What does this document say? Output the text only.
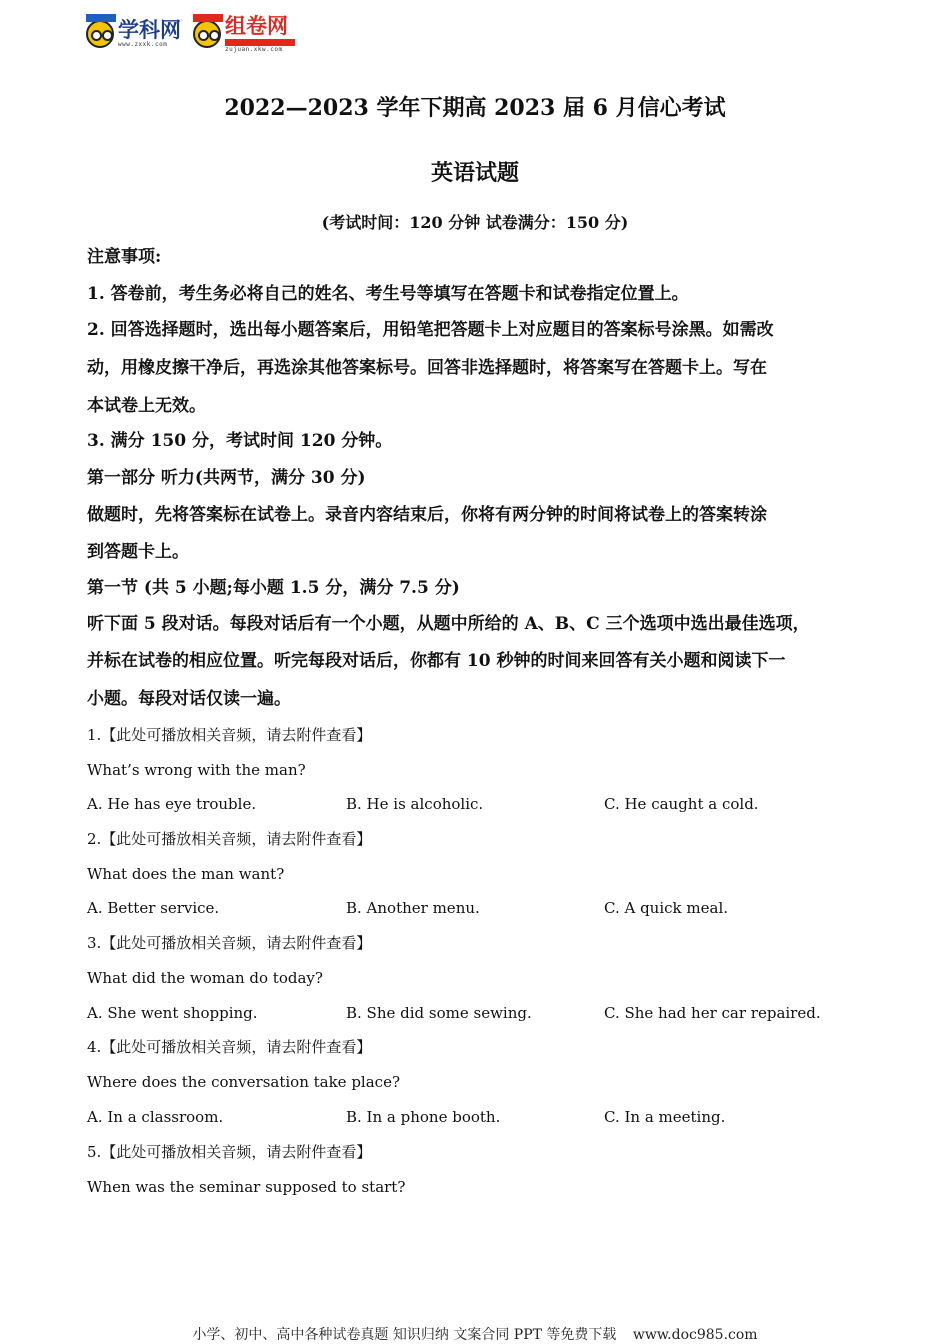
学科网
www.zxxk.com
组卷网
zujuan.xkw.com
2022—2023 学年下期高 2023 届 6 月信心考试
英语试题
(考试时间：120 分钟 试卷满分：150 分)
注意事项:
1. 答卷前，考生务必将自己的姓名、考生号等填写在答题卡和试卷指定位置上。
2. 回答选择题时，选出每小题答案后，用铅笔把答题卡上对应题目的答案标号涂黑。如需改
动，用橡皮擦干净后，再选涂其他答案标号。回答非选择题时，将答案写在答题卡上。写在
本试卷上无效。
3. 满分 150 分，考试时间 120 分钟。
第一部分 听力(共两节，满分 30 分)
做题时，先将答案标在试卷上。录音内容结束后，你将有两分钟的时间将试卷上的答案转涂
到答题卡上。
第一节 (共 5 小题;每小题 1.5 分，满分 7.5 分)
听下面 5 段对话。每段对话后有一个小题，从题中所给的 A、B、C 三个选项中选出最佳选项，
并标在试卷的相应位置。听完每段对话后，你都有 10 秒钟的时间来回答有关小题和阅读下一
小题。每段对话仅读一遍。
1.【此处可播放相关音频，请去附件查看】
What’s wrong with the man?
A. He has eye trouble.	B. He is alcoholic.	C. He caught a cold.
2.【此处可播放相关音频，请去附件查看】
What does the man want?
A. Better service.	B. Another menu.	C. A quick meal.
3.【此处可播放相关音频，请去附件查看】
What did the woman do today?
A. She went shopping.	B. She did some sewing.	C. She had her car repaired.
4.【此处可播放相关音频，请去附件查看】
Where does the conversation take place?
A. In a classroom.	B. In a phone booth.	C. In a meeting.
5.【此处可播放相关音频，请去附件查看】
When was the seminar supposed to start?
小学、初中、高中各种试卷真题 知识归纳 文案合同 PPT 等免费下载 www.doc985.com
